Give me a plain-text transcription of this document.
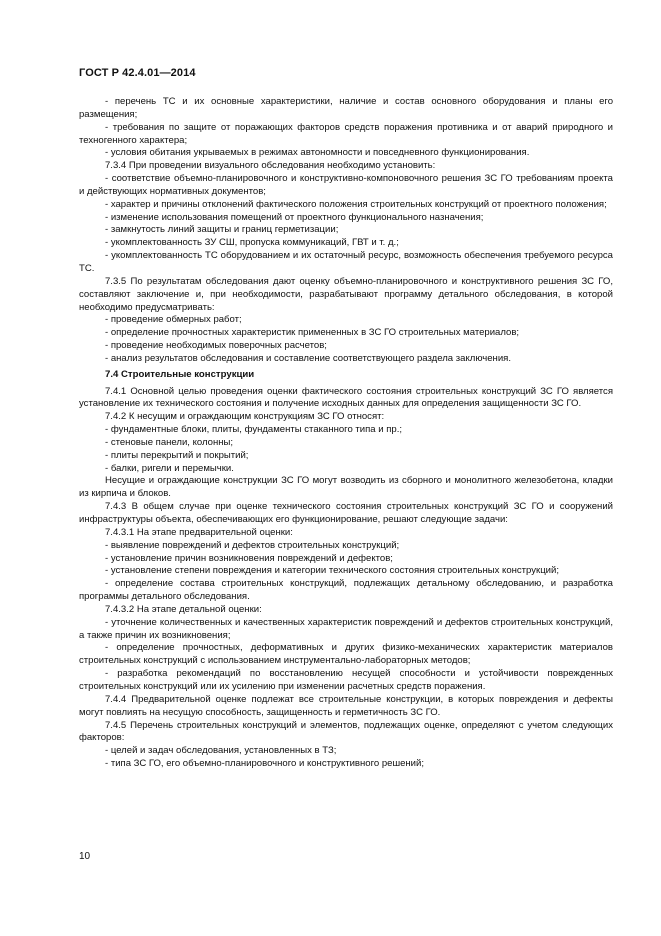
ГОСТ Р 42.4.01—2014

- перечень ТС и их основные характеристики, наличие и состав основного оборудования и планы его размещения;

- требования по защите от поражающих факторов средств поражения противника и от аварий природного и техногенного характера;

- условия обитания укрываемых в режимах автономности и повседневного функционирования.

7.3.4 При проведении визуального обследования необходимо установить:

- соответствие объемно-планировочного и конструктивно-компоновочного решения ЗС ГО требованиям проекта и действующих нормативных документов;

- характер и причины отклонений фактического положения строительных конструкций от проектного положения;

- изменение использования помещений от проектного функционального назначения;

- замкнутость линий защиты и границ герметизации;

- укомплектованность ЗУ СШ, пропуска коммуникаций, ГВТ и т. д.;

- укомплектованность ТС оборудованием и их остаточный ресурс, возможность обеспечения требуемого ресурса ТС.

7.3.5 По результатам обследования дают оценку объемно-планировочного и конструктивного решения ЗС ГО, составляют заключение и, при необходимости, разрабатывают программу детального обследования, в которой необходимо предусматривать:

- проведение обмерных работ;

- определение прочностных характеристик примененных в ЗС ГО строительных материалов;

- проведение необходимых поверочных расчетов;

- анализ результатов обследования и составление соответствующего раздела заключения.

7.4 Строительные конструкции

7.4.1 Основной целью проведения оценки фактического состояния строительных конструкций ЗС ГО является установление их технического состояния и получение исходных данных для определения защищенности ЗС ГО.

7.4.2 К несущим и ограждающим конструкциям ЗС ГО относят:

- фундаментные блоки, плиты, фундаменты стаканного типа и пр.;

- стеновые панели, колонны;

- плиты перекрытий и покрытий;

- балки, ригели и перемычки.

Несущие и ограждающие конструкции ЗС ГО могут возводить из сборного и монолитного железобетона, кладки из кирпича и блоков.

7.4.3 В общем случае при оценке технического состояния строительных конструкций ЗС ГО и сооружений инфраструктуры объекта, обеспечивающих его функционирование, решают следующие задачи:

7.4.3.1 На этапе предварительной оценки:

- выявление повреждений и дефектов строительных конструкций;

- установление причин возникновения повреждений и дефектов;

- установление степени повреждения и категории технического состояния строительных конструкций;

- определение состава строительных конструкций, подлежащих детальному обследованию, и разработка программы детального обследования.

7.4.3.2 На этапе детальной оценки:

- уточнение количественных и качественных характеристик повреждений и дефектов строительных конструкций, а также причин их возникновения;

- определение прочностных, деформативных и других физико-механических характеристик материалов строительных конструкций с использованием инструментально-лабораторных методов;

- разработка рекомендаций по восстановлению несущей способности и устойчивости поврежденных строительных конструкций или их усилению при изменении расчетных средств поражения.

7.4.4 Предварительной оценке подлежат все строительные конструкции, в которых повреждения и дефекты могут повлиять на несущую способность, защищенность и герметичность ЗС ГО.

7.4.5 Перечень строительных конструкций и элементов, подлежащих оценке, определяют с учетом следующих факторов:

- целей и задач обследования, установленных в ТЗ;

- типа ЗС ГО, его объемно-планировочного и конструктивного решений;

10
